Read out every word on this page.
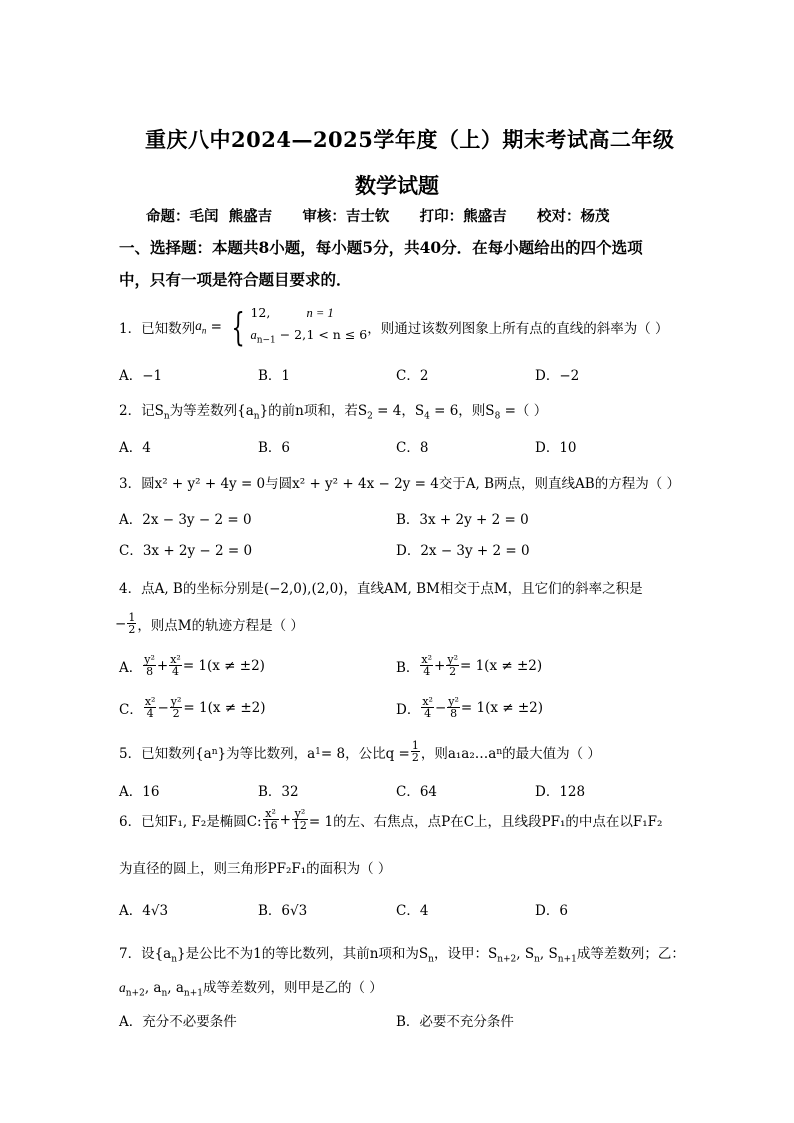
重庆八中2024—2025学年度（上）期末考试高二年级
数学试题
命题：毛闰  熊盛吉      审核：吉士钦      打印：熊盛吉      校对：杨茂
一、选择题：本题共8小题，每小题5分，共40分．在每小题给出的四个选项
中，只有一项是符合题目要求的．
1．已知数列 $a_n$ = { 12,	n = 1
$a_{n-1} - 2,1 < n \le 6$ ，则通过该数列图象上所有点的直线的斜率为（ ）
A．−1	B．1	C．2	D．−2
2．记$S_n$为等差数列$\{a_n\}$的前n项和，若$S_2 = 4$，$S_4 = 6$，则$S_8$ =（ ）
A．4	B．6	C．8	D．10
3．圆x² + y² + 4y = 0与圆x² + y² + 4x − 2y = 4交于A, B两点，则直线AB的方程为（ ）
A．2x − 3y − 2 = 0	B．3x + 2y + 2 = 0
C．3x + 2y − 2 = 0	D．2x − 3y + 2 = 0
4．点A, B的坐标分别是(−2,0),(2,0)，直线AM, BM相交于点M，且它们的斜率之积是
− $\frac{1}{2}$ ，则点M的轨迹方程是（ ）
A． $\frac{\text{y²}}{8} + \frac{\text{x²}}{4} = 1(x \ne \pm 2)$	B． $\frac{\text{x²}}{4} + \frac{\text{y²}}{2} = 1(x \ne \pm 2)$
C． $\frac{\text{x²}}{4} - \frac{\text{y²}}{2} = 1(x \ne \pm 2)$	D． $\frac{\text{x²}}{4} - \frac{\text{y²}}{8} = 1(x \ne \pm 2)$
5．已知数列{a n }为等比数列，a 1 = 8，公比$q = \frac{1}{2}$ ，则a₁a₂…a n 的最大值为（ ）
A．16	B．32	C．64	D．128
6．已知F₁, F₂是椭圆C: $\frac{\text{x²}}{16} + \frac{\text{y²}}{12} = 1$的左、右焦点，点P在C上，且线段PF₁的中点在以F₁F₂
为直径的圆上，则三角形PF₂F₁的面积为（ ）
A．4√3	B．6√3	C．4	D．6
7．设$\{a_n\}$是公比不为1的等比数列，其前n项和为$S_n$，设甲：$S_{n+2}$, $S_n$, $S_{n+1}$成等差数列；乙：
$a_{n+2}$, $a_n$, $a_{n+1}$成等差数列，则甲是乙的（ ）
A．充分不必要条件	B．必要不充分条件
